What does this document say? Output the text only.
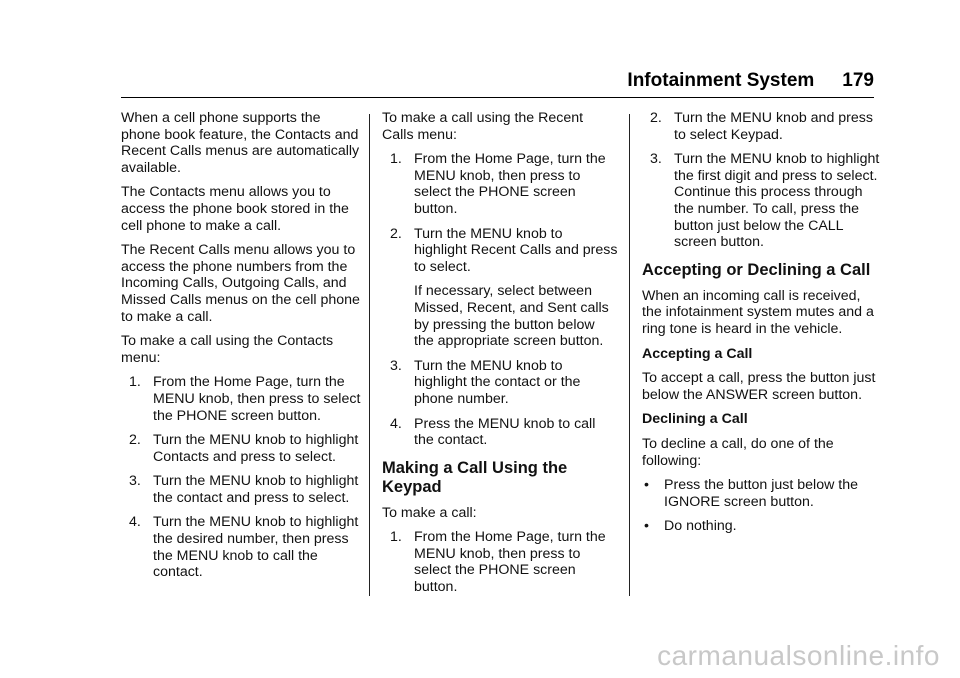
Infotainment System 179

When a cell phone supports the phone book feature, the Contacts and Recent Calls menus are automatically available.

The Contacts menu allows you to access the phone book stored in the cell phone to make a call.

The Recent Calls menu allows you to access the phone numbers from the Incoming Calls, Outgoing Calls, and Missed Calls menus on the cell phone to make a call.

To make a call using the Contacts menu:

1. From the Home Page, turn the MENU knob, then press to select the PHONE screen button.
2. Turn the MENU knob to highlight Contacts and press to select.
3. Turn the MENU knob to highlight the contact and press to select.
4. Turn the MENU knob to highlight the desired number, then press the MENU knob to call the contact.

To make a call using the Recent Calls menu:

1. From the Home Page, turn the MENU knob, then press to select the PHONE screen button.
2. Turn the MENU knob to highlight Recent Calls and press to select.

If necessary, select between Missed, Recent, and Sent calls by pressing the button below the appropriate screen button.

3. Turn the MENU knob to highlight the contact or the phone number.
4. Press the MENU knob to call the contact.
Making a Call Using the Keypad

To make a call:

1. From the Home Page, turn the MENU knob, then press to select the PHONE screen button.
2. Turn the MENU knob and press to select Keypad.
3. Turn the MENU knob to highlight the first digit and press to select. Continue this process through the number. To call, press the button just below the CALL screen button.
Accepting or Declining a Call

When an incoming call is received, the infotainment system mutes and a ring tone is heard in the vehicle.

Accepting a Call

To accept a call, press the button just below the ANSWER screen button.

Declining a Call

To decline a call, do one of the following:

• Press the button just below the IGNORE screen button.
• Do nothing.
carmanualsonline.info
